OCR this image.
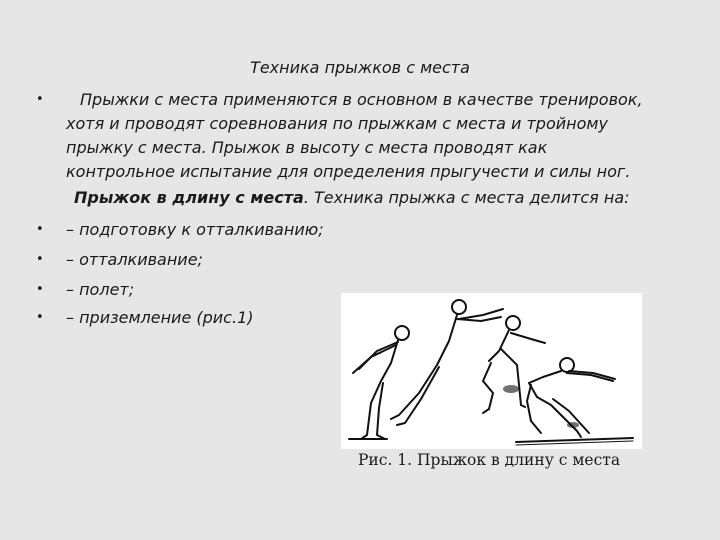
Техника прыжков с места
• Прыжки с места применяются в основном в качестве тренировок,
хотя и проводят соревнования по прыжкам с места и тройному
прыжку с места. Прыжок в высоту с места проводят как
контрольное испытание для определения прыгучести и силы ног.
Прыжок в длину с места. Техника прыжка с места делится на:
• – подготовку к отталкиванию;
• – отталкивание;
• – полет;
• – приземление (рис.1)
Рис. 1. Прыжок в длину с места
